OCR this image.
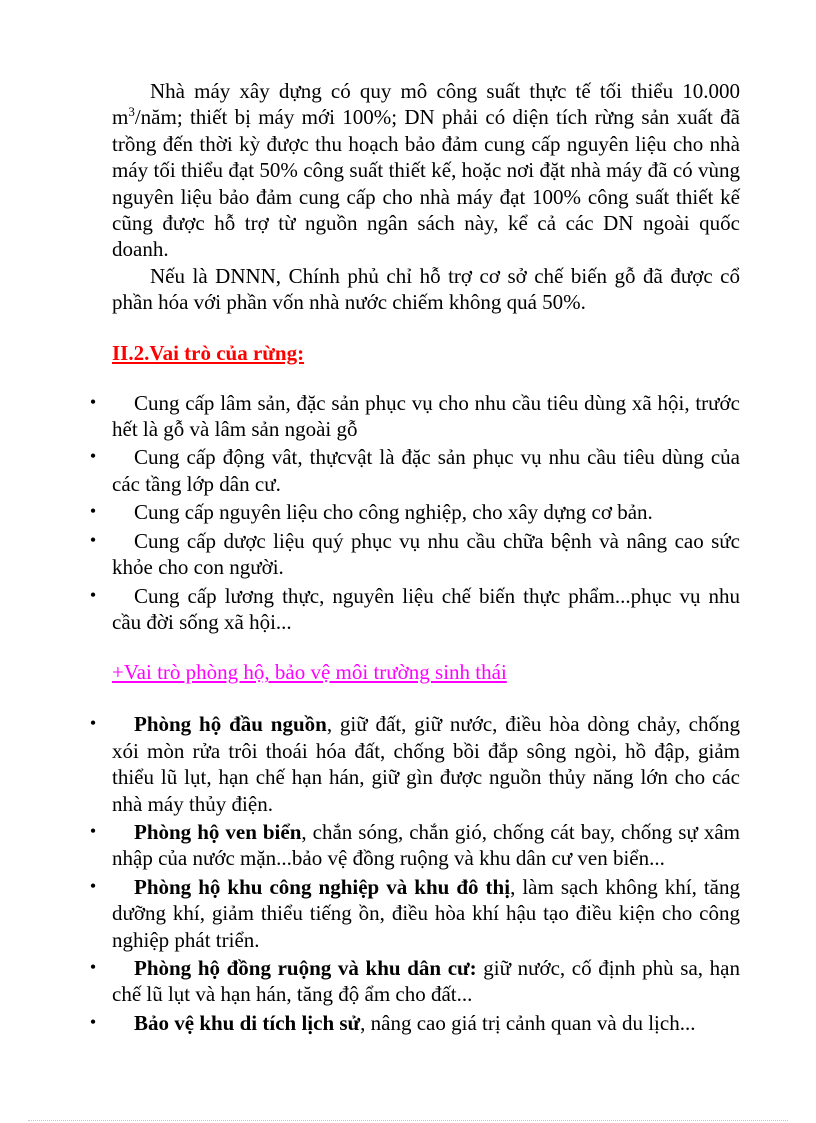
Nhà máy xây dựng có quy mô công suất thực tế tối thiểu 10.000 $m^3$/năm; thiết bị máy mới 100%; DN phải có diện tích rừng sản xuất đã trồng đến thời kỳ được thu hoạch bảo đảm cung cấp nguyên liệu cho nhà máy tối thiểu đạt 50% công suất thiết kế, hoặc nơi đặt nhà máy đã có vùng nguyên liệu bảo đảm cung cấp cho nhà máy đạt 100% công suất thiết kế cũng được hỗ trợ từ nguồn ngân sách này, kể cả các DN ngoài quốc doanh.

Nếu là DNNN, Chính phủ chỉ hỗ trợ cơ sở chế biến gỗ đã được cổ phần hóa với phần vốn nhà nước chiếm không quá 50%.

II.2.Vai trò của rừng:
•	Cung cấp lâm sản, đặc sản phục vụ cho nhu cầu tiêu dùng xã hội, trước hết là gỗ và lâm sản ngoài gỗ
•	Cung cấp động vât, thựcvật là đặc sản phục vụ nhu cầu tiêu dùng của các tầng lớp dân cư.
•	Cung cấp nguyên liệu cho công nghiệp, cho xây dựng cơ bản.
•	Cung cấp dược liệu quý phục vụ nhu cầu chữa bệnh và nâng cao sức khỏe cho con người.
•	Cung cấp lương thực, nguyên liệu chế biến thực phẩm...phục vụ nhu cầu đời sống xã hội...
+Vai trò phòng hộ, bảo vệ môi trường sinh thái
•	Phòng hộ đầu nguồn, giữ đất, giữ nước, điều hòa dòng chảy, chống xói mòn rửa trôi thoái hóa đất, chống bồi đắp sông ngòi, hồ đập, giảm thiểu lũ lụt, hạn chế hạn hán, giữ gìn được nguồn thủy năng lớn cho các nhà máy thủy điện.
•	Phòng hộ ven biển, chắn sóng, chắn gió, chống cát bay, chống sự xâm nhập của nước mặn...bảo vệ đồng ruộng và khu dân cư ven biển...
•	Phòng hộ khu công nghiệp và khu đô thị, làm sạch không khí, tăng dưỡng khí, giảm thiểu tiếng ồn, điều hòa khí hậu tạo điều kiện cho công nghiệp phát triển.
•	Phòng hộ đồng ruộng và khu dân cư: giữ nước, cố định phù sa, hạn chế lũ lụt và hạn hán, tăng độ ẩm cho đất...
•	Bảo vệ khu di tích lịch sử, nâng cao giá trị cảnh quan và du lịch...
